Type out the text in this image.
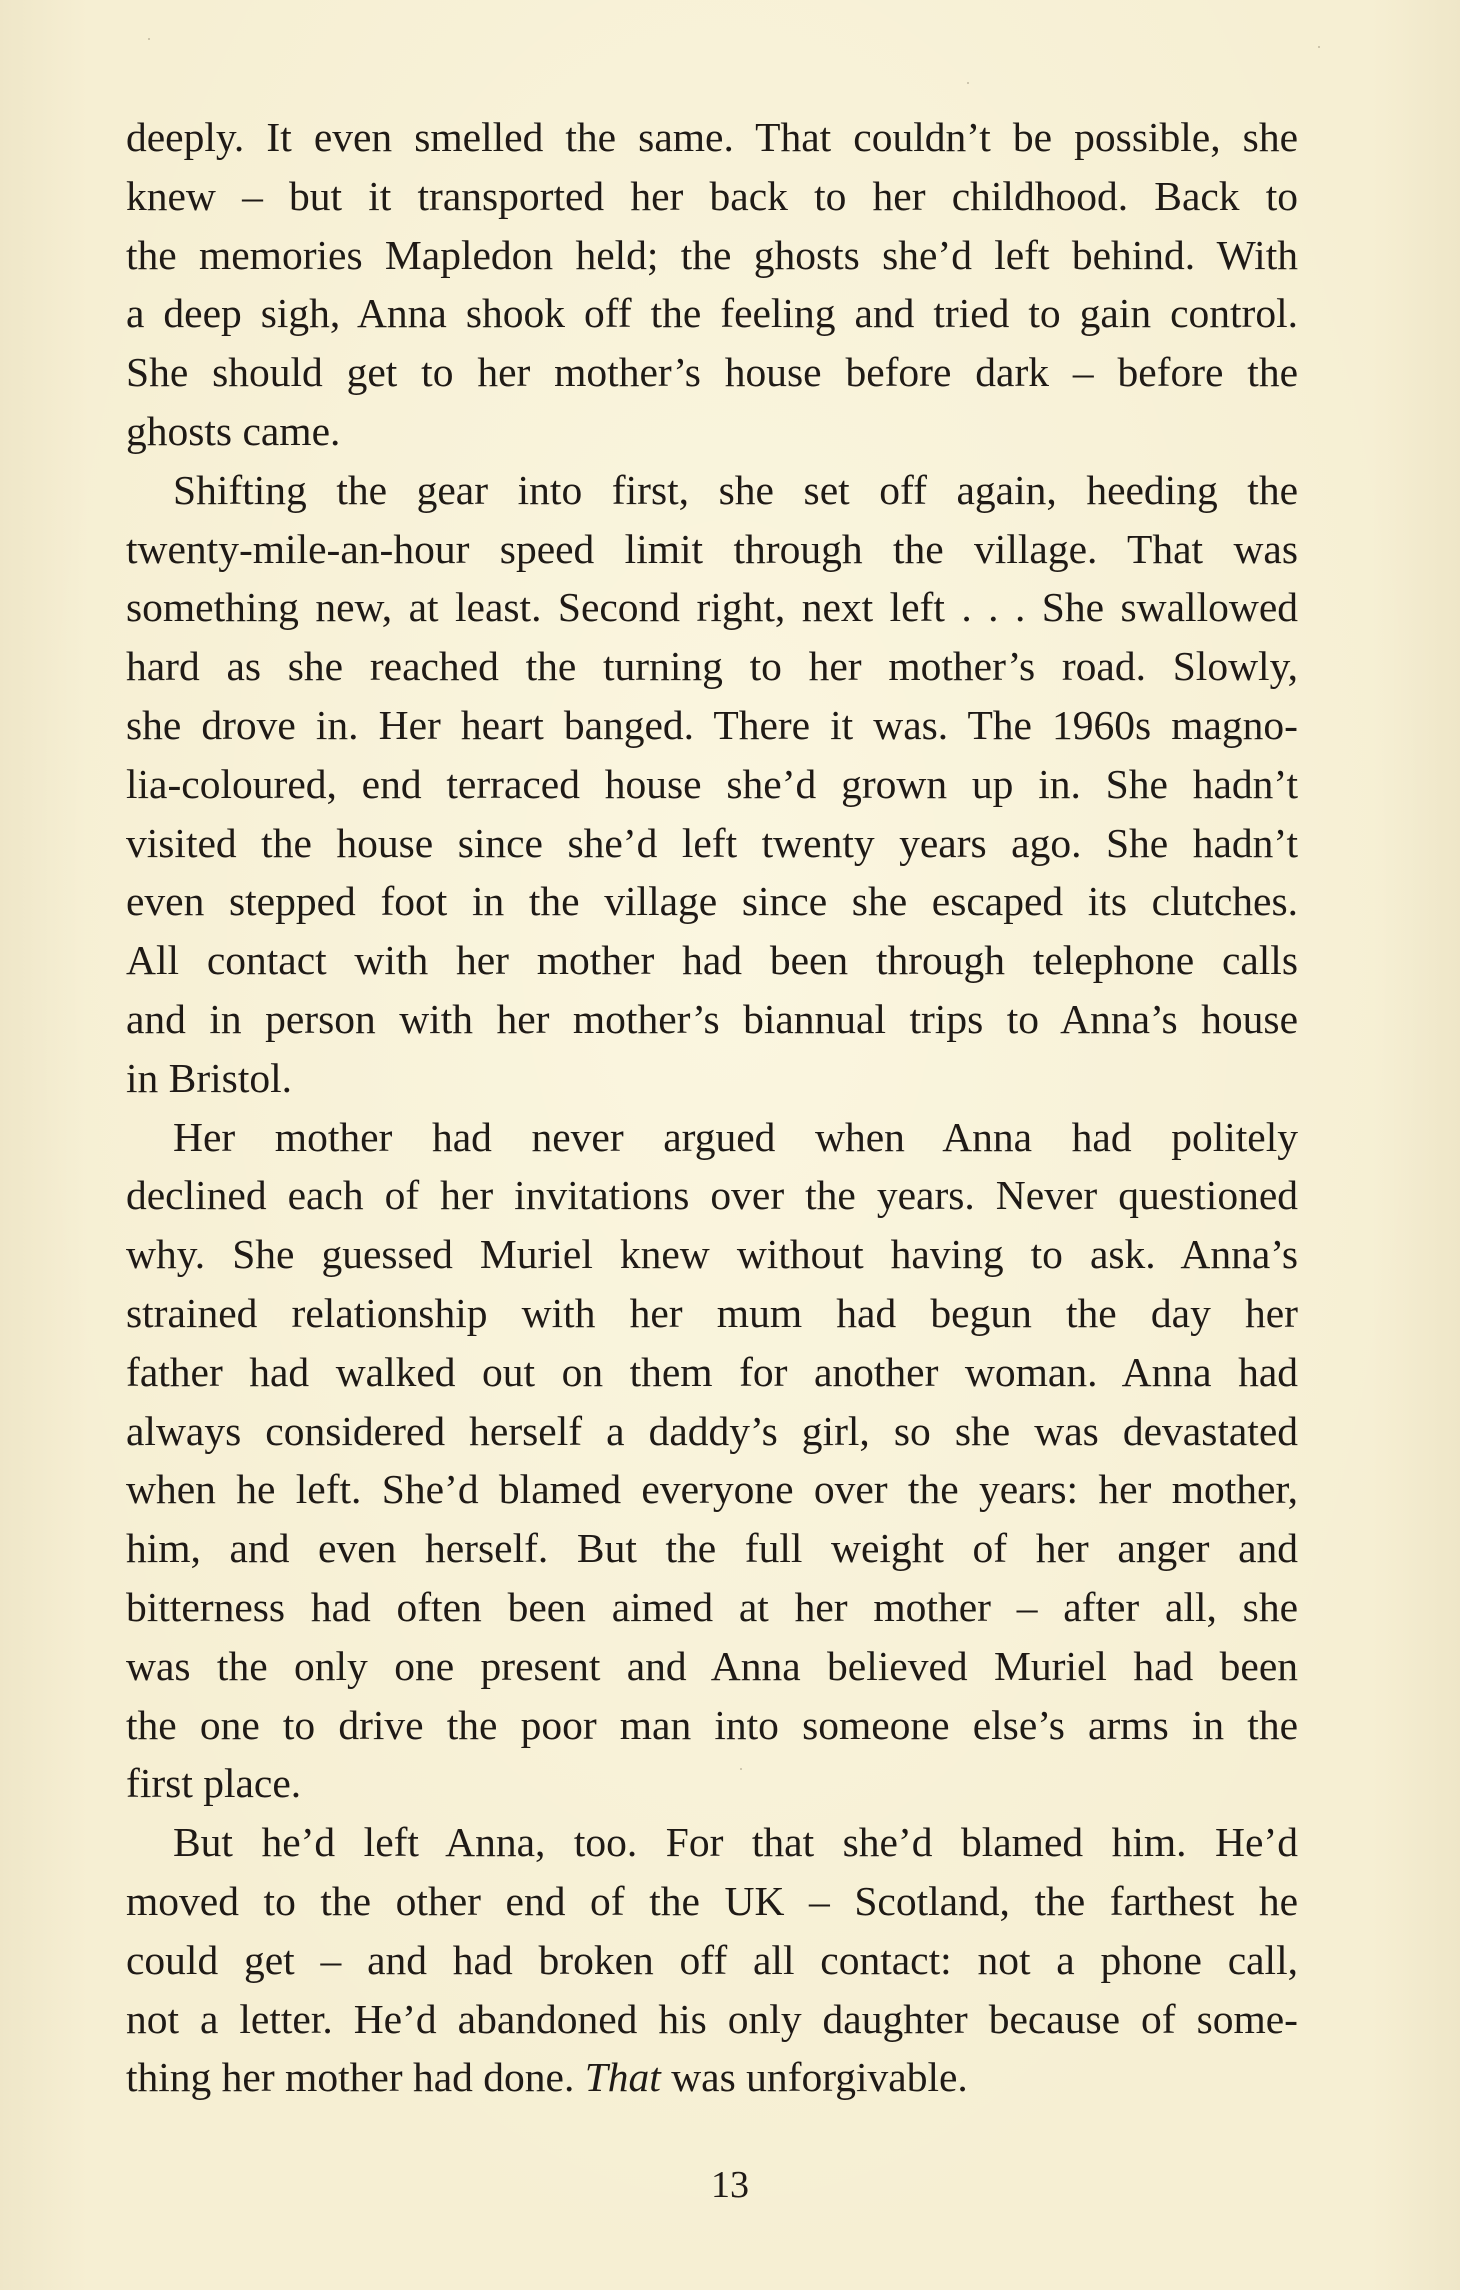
deeply. It even smelled the same. That couldn’t be possible, she
knew – but it transported her back to her childhood. Back to
the memories Mapledon held; the ghosts she’d left behind. With
a deep sigh, Anna shook off the feeling and tried to gain control.
She should get to her mother’s house before dark – before the
ghosts came.
Shifting the gear into first, she set off again, heeding the
twenty-mile-an-hour speed limit through the village. That was
something new, at least. Second right, next left . . . She swallowed
hard as she reached the turning to her mother’s road. Slowly,
she drove in. Her heart banged. There it was. The 1960s magno-
lia-coloured, end terraced house she’d grown up in. She hadn’t
visited the house since she’d left twenty years ago. She hadn’t
even stepped foot in the village since she escaped its clutches.
All contact with her mother had been through telephone calls
and in person with her mother’s biannual trips to Anna’s house
in Bristol.
Her mother had never argued when Anna had politely
declined each of her invitations over the years. Never questioned
why. She guessed Muriel knew without having to ask. Anna’s
strained relationship with her mum had begun the day her
father had walked out on them for another woman. Anna had
always considered herself a daddy’s girl, so she was devastated
when he left. She’d blamed everyone over the years: her mother,
him, and even herself. But the full weight of her anger and
bitterness had often been aimed at her mother – after all, she
was the only one present and Anna believed Muriel had been
the one to drive the poor man into someone else’s arms in the
first place.
But he’d left Anna, too. For that she’d blamed him. He’d
moved to the other end of the UK – Scotland, the farthest he
could get – and had broken off all contact: not a phone call,
not a letter. He’d abandoned his only daughter because of some-
thing her mother had done. That was unforgivable.
13
